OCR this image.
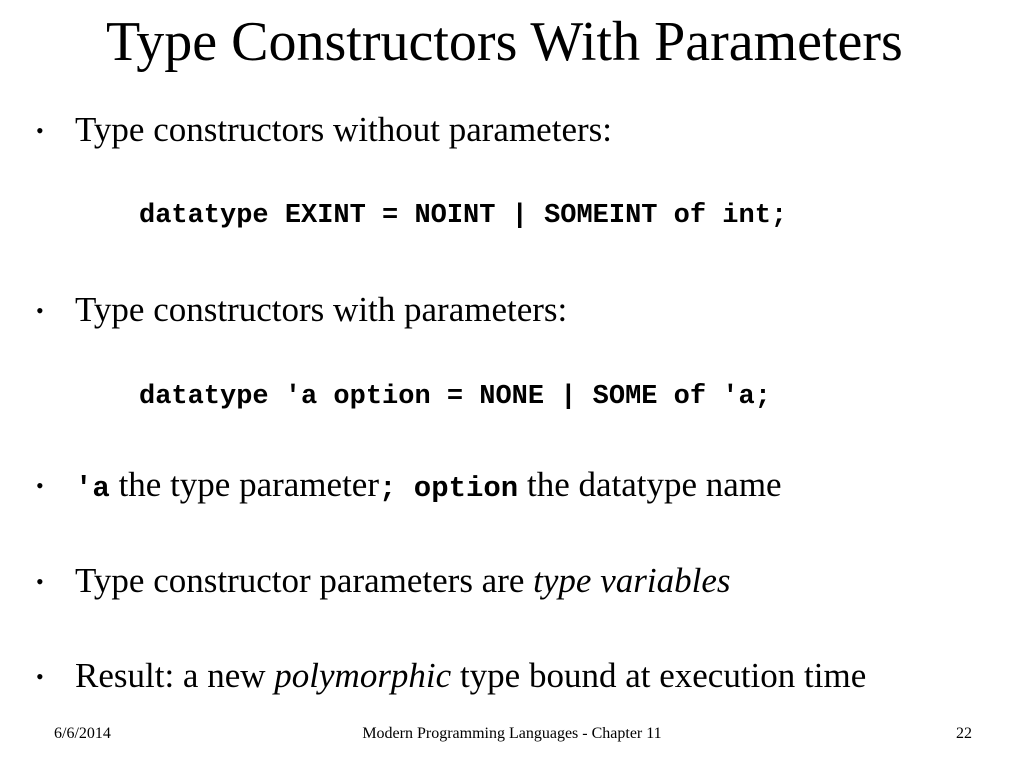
Type Constructors With Parameters
• Type constructors without parameters:
datatype EXINT = NOINT | SOMEINT of int;
• Type constructors with parameters:
datatype 'a option = NONE | SOME of 'a;
• 'a the type parameter; option the datatype name
• Type constructor parameters are type variables
• Result: a new polymorphic type bound at execution time
6/6/2014	Modern Programming Languages - Chapter 11	22
